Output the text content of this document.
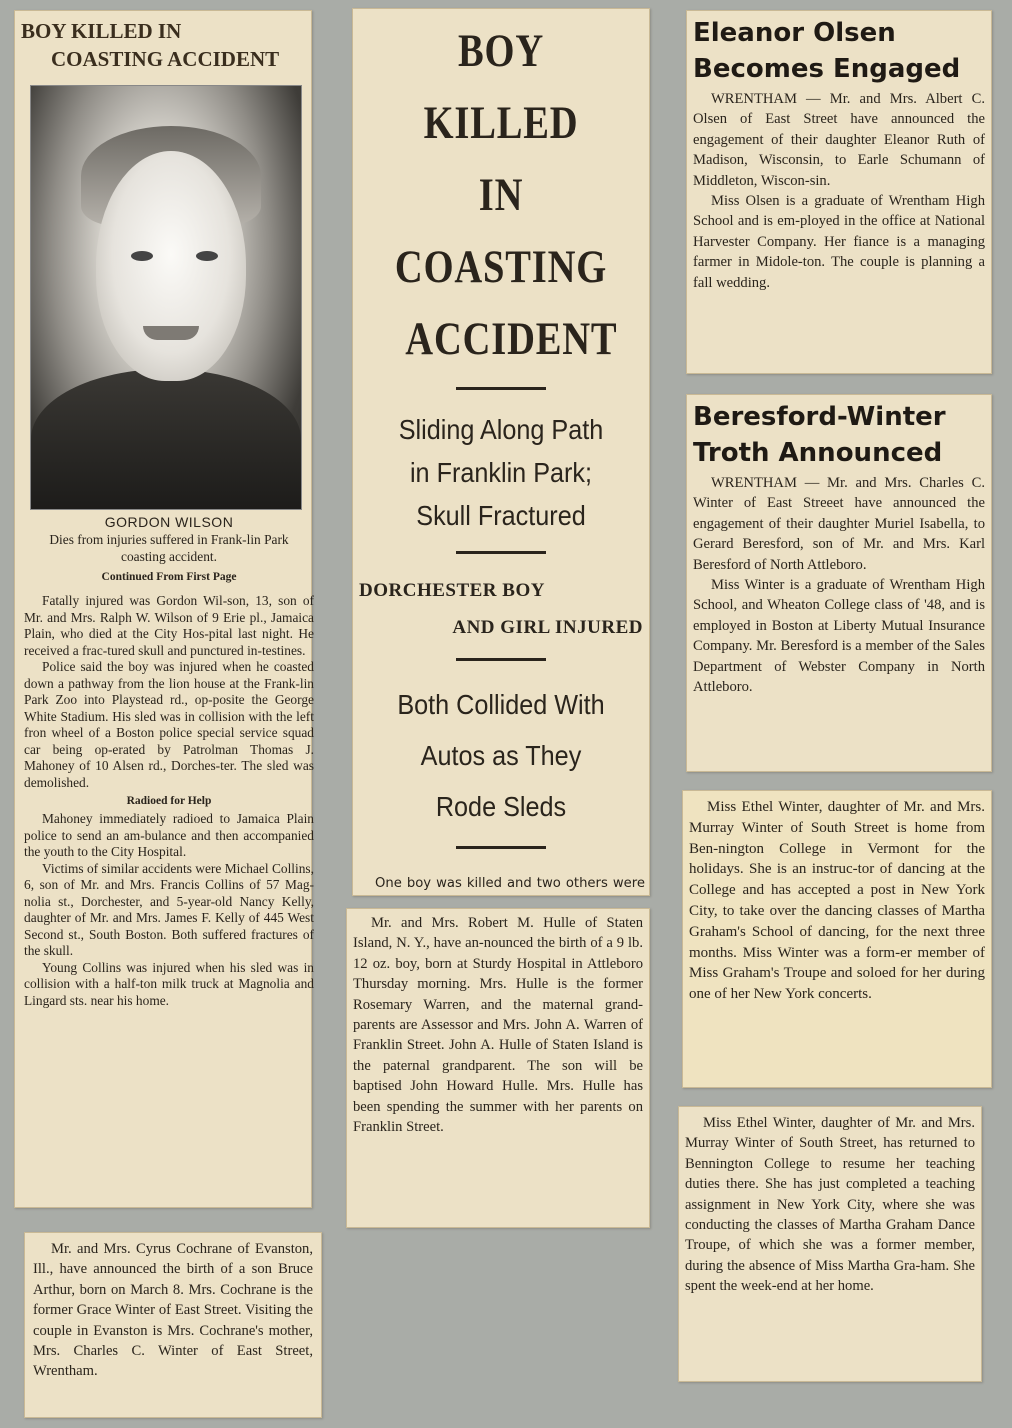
BOY KILLED IN
COASTING ACCIDENT
GORDON WILSON

Dies from injuries suffered in Frank-lin Park coasting accident.

Continued From First Page

Fatally injured was Gordon Wil-son, 13, son of Mr. and Mrs. Ralph W. Wilson of 9 Erie pl., Jamaica Plain, who died at the City Hos-pital last night. He received a frac-tured skull and punctured in-testines.

Police said the boy was injured when he coasted down a pathway from the lion house at the Frank-lin Park Zoo into Playstead rd., op-posite the George White Stadium. His sled was in collision with the left fron wheel of a Boston police special service squad car being op-erated by Patrolman Thomas J. Mahoney of 10 Alsen rd., Dorches-ter. The sled was demolished.

Radioed for Help

Mahoney immediately radioed to Jamaica Plain police to send an am-bulance and then accompanied the youth to the City Hospital.

Victims of similar accidents were Michael Collins, 6, son of Mr. and Mrs. Francis Collins of 57 Mag-nolia st., Dorchester, and 5-year-old Nancy Kelly, daughter of Mr. and Mrs. James F. Kelly of 445 West Second st., South Boston. Both suffered fractures of the skull.

Young Collins was injured when his sled was in collision with a half-ton milk truck at Magnolia and Lingard sts. near his home.

Mr. and Mrs. Cyrus Cochrane of Evanston, Ill., have announced the birth of a son Bruce Arthur, born on March 8. Mrs. Cochrane is the former Grace Winter of East Street. Visiting the couple in Evanston is Mrs. Cochrane's mother, Mrs. Charles C. Winter of East Street, Wrentham.

BOY KILLED
IN COASTING
ACCIDENT
Sliding Along Path
in Franklin Park;
Skull Fractured
DORCHESTER BOY
AND GIRL INJURED
Both Collided With
Autos as They
Rode Sleds

One boy was killed and two others were

Mr. and Mrs. Robert M. Hulle of Staten Island, N. Y., have an-nounced the birth of a 9 lb. 12 oz. boy, born at Sturdy Hospital in Attleboro Thursday morning. Mrs. Hulle is the former Rosemary Warren, and the maternal grand-parents are Assessor and Mrs. John A. Warren of Franklin Street. John A. Hulle of Staten Island is the paternal grandparent. The son will be baptised John Howard Hulle. Mrs. Hulle has been spending the summer with her parents on Franklin Street.

Eleanor Olsen
Becomes Engaged

WRENTHAM — Mr. and Mrs. Albert C. Olsen of East Street have announced the engagement of their daughter Eleanor Ruth of Madison, Wisconsin, to Earle Schumann of Middleton, Wiscon-sin.

Miss Olsen is a graduate of Wrentham High School and is em-ployed in the office at National Harvester Company. Her fiance is a managing farmer in Midole-ton. The couple is planning a fall wedding.

Beresford-Winter
Troth Announced

WRENTHAM — Mr. and Mrs. Charles C. Winter of East Streeet have announced the engagement of their daughter Muriel Isabella, to Gerard Beresford, son of Mr. and Mrs. Karl Beresford of North Attleboro.

Miss Winter is a graduate of Wrentham High School, and Wheaton College class of '48, and is employed in Boston at Liberty Mutual Insurance Company. Mr. Beresford is a member of the Sales Department of Webster Company in North Attleboro.

Miss Ethel Winter, daughter of Mr. and Mrs. Murray Winter of South Street is home from Ben-nington College in Vermont for the holidays. She is an instruc-tor of dancing at the College and has accepted a post in New York City, to take over the dancing classes of Martha Graham's School of dancing, for the next three months. Miss Winter was a form-er member of Miss Graham's Troupe and soloed for her during one of her New York concerts.

Miss Ethel Winter, daughter of Mr. and Mrs. Murray Winter of South Street, has returned to Bennington College to resume her teaching duties there. She has just completed a teaching assignment in New York City, where she was conducting the classes of Martha Graham Dance Troupe, of which she was a former member, during the absence of Miss Martha Gra-ham. She spent the week-end at her home.
